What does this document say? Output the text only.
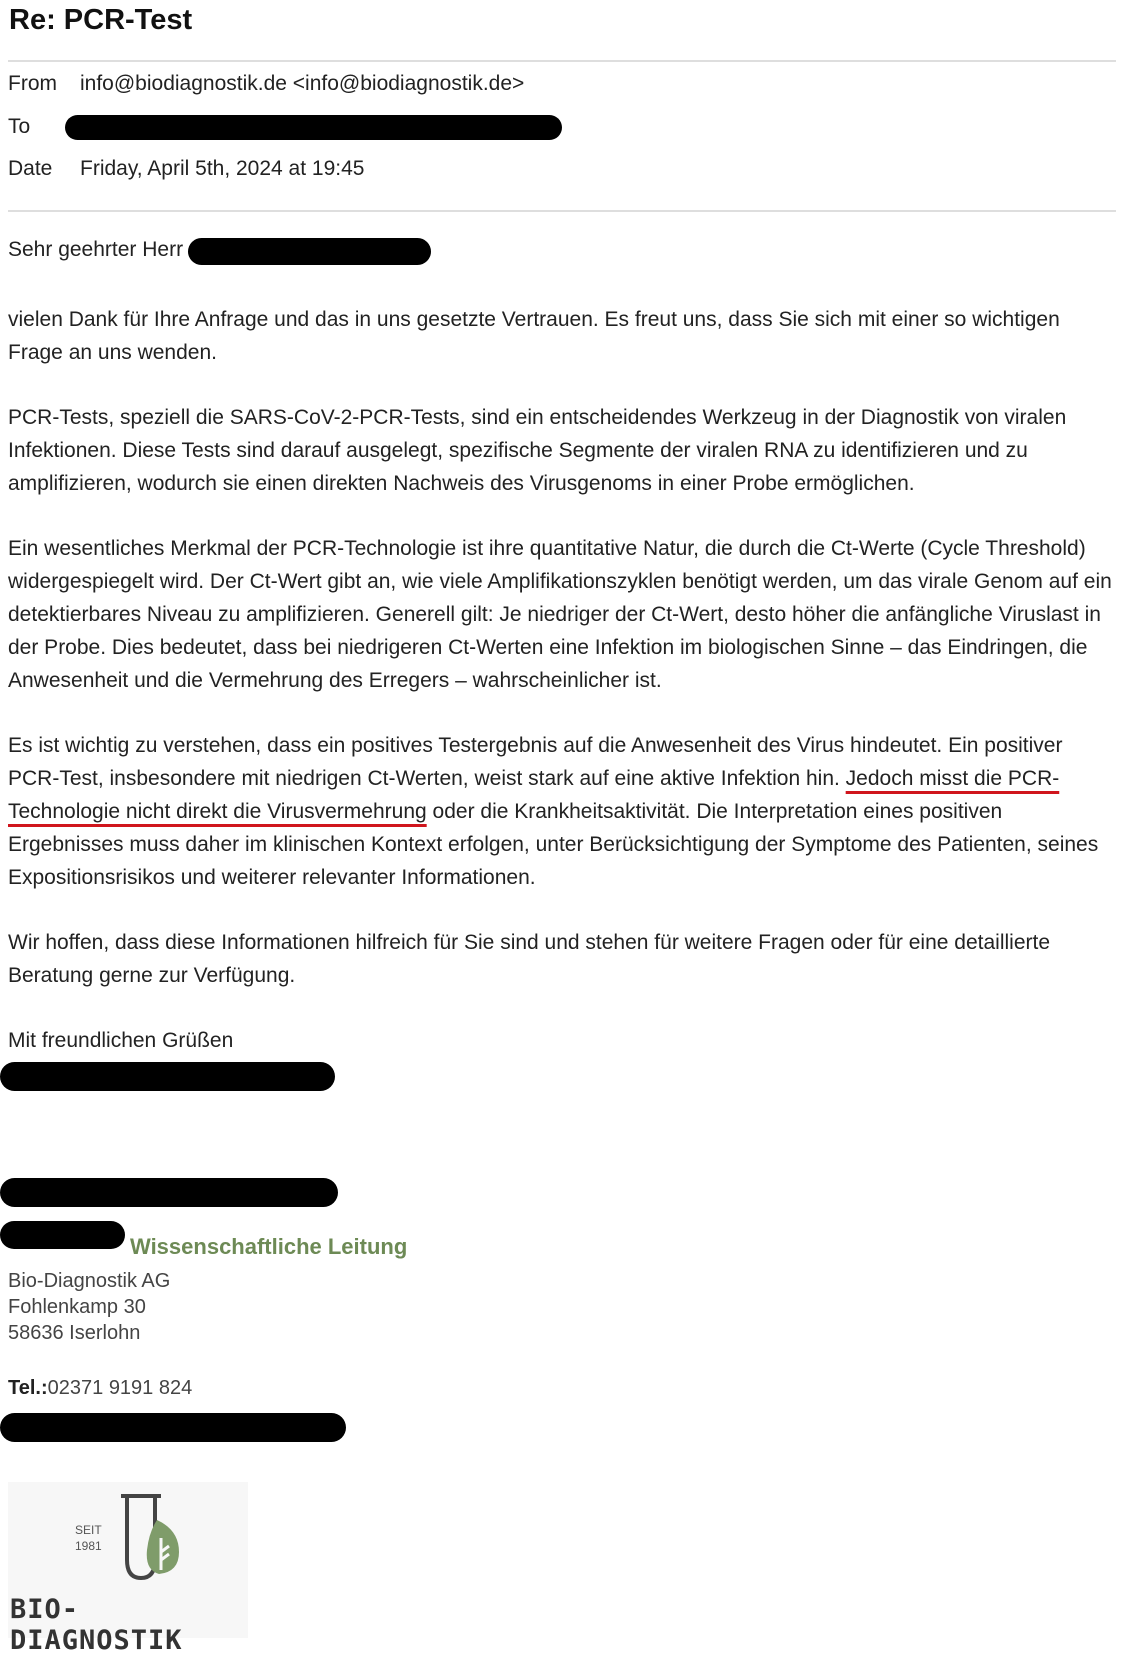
Re: PCR-Test
From info@biodiagnostik.de <info@biodiagnostik.de>
To
Date Friday, April 5th, 2024 at 19:45
Sehr geehrter Herr

vielen Dank für Ihre Anfrage und das in uns gesetzte Vertrauen. Es freut uns, dass Sie sich mit einer so wichtigen Frage an uns wenden.

PCR-Tests, speziell die SARS-CoV-2-PCR-Tests, sind ein entscheidendes Werkzeug in der Diagnostik von viralen Infektionen. Diese Tests sind darauf ausgelegt, spezifische Segmente der viralen RNA zu identifizieren und zu amplifizieren, wodurch sie einen direkten Nachweis des Virusgenoms in einer Probe ermöglichen.

Ein wesentliches Merkmal der PCR-Technologie ist ihre quantitative Natur, die durch die Ct-Werte (Cycle Threshold) widergespiegelt wird. Der Ct-Wert gibt an, wie viele Amplifikationszyklen benötigt werden, um das virale Genom auf ein detektierbares Niveau zu amplifizieren. Generell gilt: Je niedriger der Ct-Wert, desto höher die anfängliche Viruslast in der Probe. Dies bedeutet, dass bei niedrigeren Ct-Werten eine Infektion im biologischen Sinne – das Eindringen, die Anwesenheit und die Vermehrung des Erregers – wahrscheinlicher ist.

Es ist wichtig zu verstehen, dass ein positives Testergebnis auf die Anwesenheit des Virus hindeutet. Ein positiver PCR-Test, insbesondere mit niedrigen Ct-Werten, weist stark auf eine aktive Infektion hin. Jedoch misst die PCR-Technologie nicht direkt die Virusvermehrung oder die Krankheitsaktivität. Die Interpretation eines positiven Ergebnisses muss daher im klinischen Kontext erfolgen, unter Berücksichtigung der Symptome des Patienten, seines Expositionsrisikos und weiterer relevanter Informationen.

Wir hoffen, dass diese Informationen hilfreich für Sie sind und stehen für weitere Fragen oder für eine detaillierte Beratung gerne zur Verfügung.

Mit freundlichen Grüßen

Wissenschaftliche Leitung
Bio-Diagnostik AG
Fohlenkamp 30
58636 Iserlohn
Tel.:02371 9191 824
SEIT
1981
BIO-DIAGNOSTIK
